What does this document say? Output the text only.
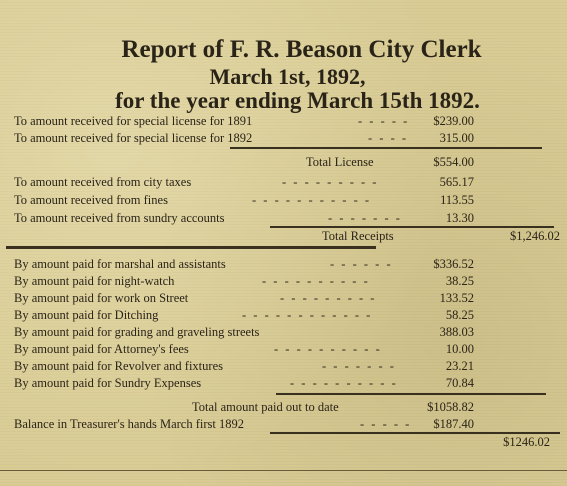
Report of F. R. Beason City Clerk
March 1st, 1892,
for the year ending March 15th 1892.
To amount received for special license for 1891	- - - - -	$239.00
To amount received for special license for 1892	- - - -	315.00
Total License	$554.00
To amount received from city taxes	- - - - - - - - -	565.17
To amount received from fines	- - - - - - - - - - -	113.55
To amount received from sundry accounts	- - - - - - -	13.30
Total Receipts	$1,246.02
By amount paid for marshal and assistants	- - - - - -	$336.52
By amount paid for night-watch	- - - - - - - - - -	38.25
By amount paid for work on Street	- - - - - - - - -	133.52
By amount paid for Ditching	- - - - - - - - - - - -	58.25
By amount paid for grading and graveling streets	388.03
By amount paid for Attorney's fees	- - - - - - - - - -	10.00
By amount paid for Revolver and fixtures	- - - - - - -	23.21
By amount paid for Sundry Expenses	- - - - - - - - - -	70.84
Total amount paid out to date	$1058.82
Balance in Treasurer's hands March first 1892	- - - - -	$187.40
$1246.02
